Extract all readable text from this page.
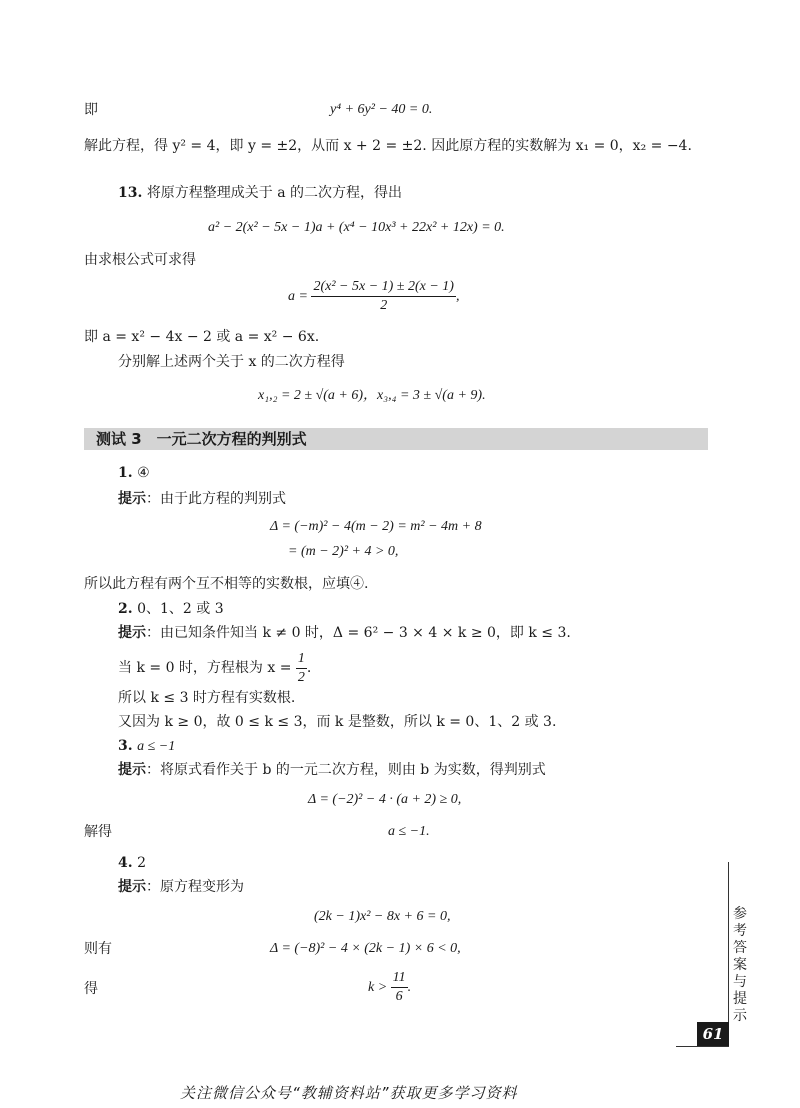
即	y⁴ + 6y² − 40 = 0.
解此方程，得 y² = 4，即 y = ±2，从而 x + 2 = ±2. 因此原方程的实数解为 x₁ = 0，x₂ = −4.
13. 将原方程整理成关于 a 的二次方程，得出
a² − 2(x² − 5x − 1)a + (x⁴ − 10x³ + 22x² + 12x) = 0.
由求根公式可求得
$a = \frac{\text{2(x² − 5x − 1) ± 2(x − 1)}}{2}$ ,
即 a = x² − 4x − 2 或 a = x² − 6x.
分别解上述两个关于 x 的二次方程得
x₁,₂ = 2 ± √(a + 6)，x₃,₄ = 3 ± √(a + 9).
测试 3　一元二次方程的判别式
1. ④
提示：由于此方程的判别式
Δ = (−m)² − 4(m − 2) = m² − 4m + 8
= (m − 2)² + 4 > 0,
所以此方程有两个互不相等的实数根，应填④.
2. 0、1、2 或 3
提示：由已知条件知当 k ≠ 0 时，Δ = 6² − 3 × 4 × k ≥ 0，即 k ≤ 3.
当 k = 0 时，方程根为 $x = \frac{1}{2}$ .
所以 k ≤ 3 时方程有实数根.
又因为 k ≥ 0，故 0 ≤ k ≤ 3，而 k 是整数，所以 k = 0、1、2 或 3.
3. a ≤ −1
提示：将原式看作关于 b 的一元二次方程，则由 b 为实数，得判别式
Δ = (−2)² − 4 · (a + 2) ≥ 0,
解得	a ≤ −1.
4. 2
提示：原方程变形为
(2k − 1)x² − 8x + 6 = 0,
则有	Δ = (−8)² − 4 × (2k − 1) × 6 < 0,
得	$k > \frac{11}{6}$ .
参考答案与提示
61
关注微信公众号“教辅资料站”获取更多学习资料
